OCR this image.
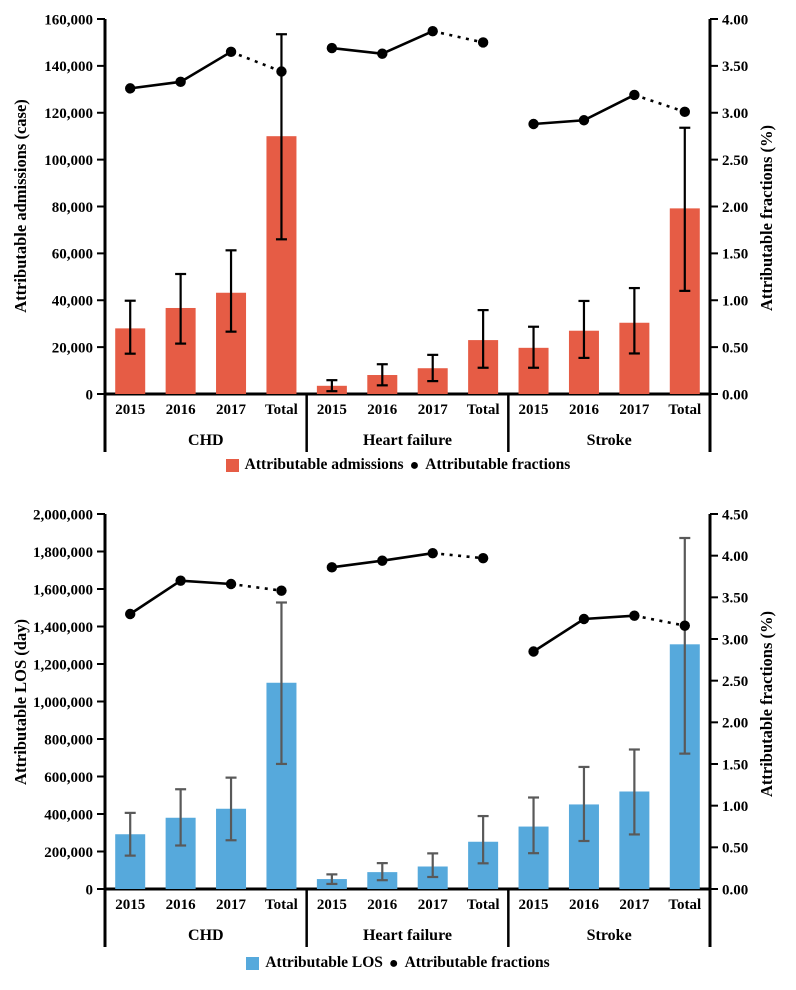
0
20,000
40,000
60,000
80,000
100,000
120,000
140,000
160,000
0.00
0.50
1.00
1.50
2.00
2.50
3.00
3.50
4.00
2015 2016 2017 Total
CHD
2015 2016 2017 Total
Heart failure
2015 2016 2017 Total
Stroke
Attributable admissions (case)	Attributable fractions (%)
Attributable admissions ● Attributable fractions
0
200,000
400,000
600,000
800,000
1,000,000
1,200,000
1,400,000
1,600,000
1,800,000
2,000,000
0.00
0.50
1.00
1.50
2.00
2.50
3.00
3.50
4.00
4.50
2015 2016 2017 Total
CHD
2015 2016 2017 Total
Heart failure
2015 2016 2017 Total
Stroke
Attributable LOS (day)	Attributable fractions (%)
Attributable LOS ● Attributable fractions
